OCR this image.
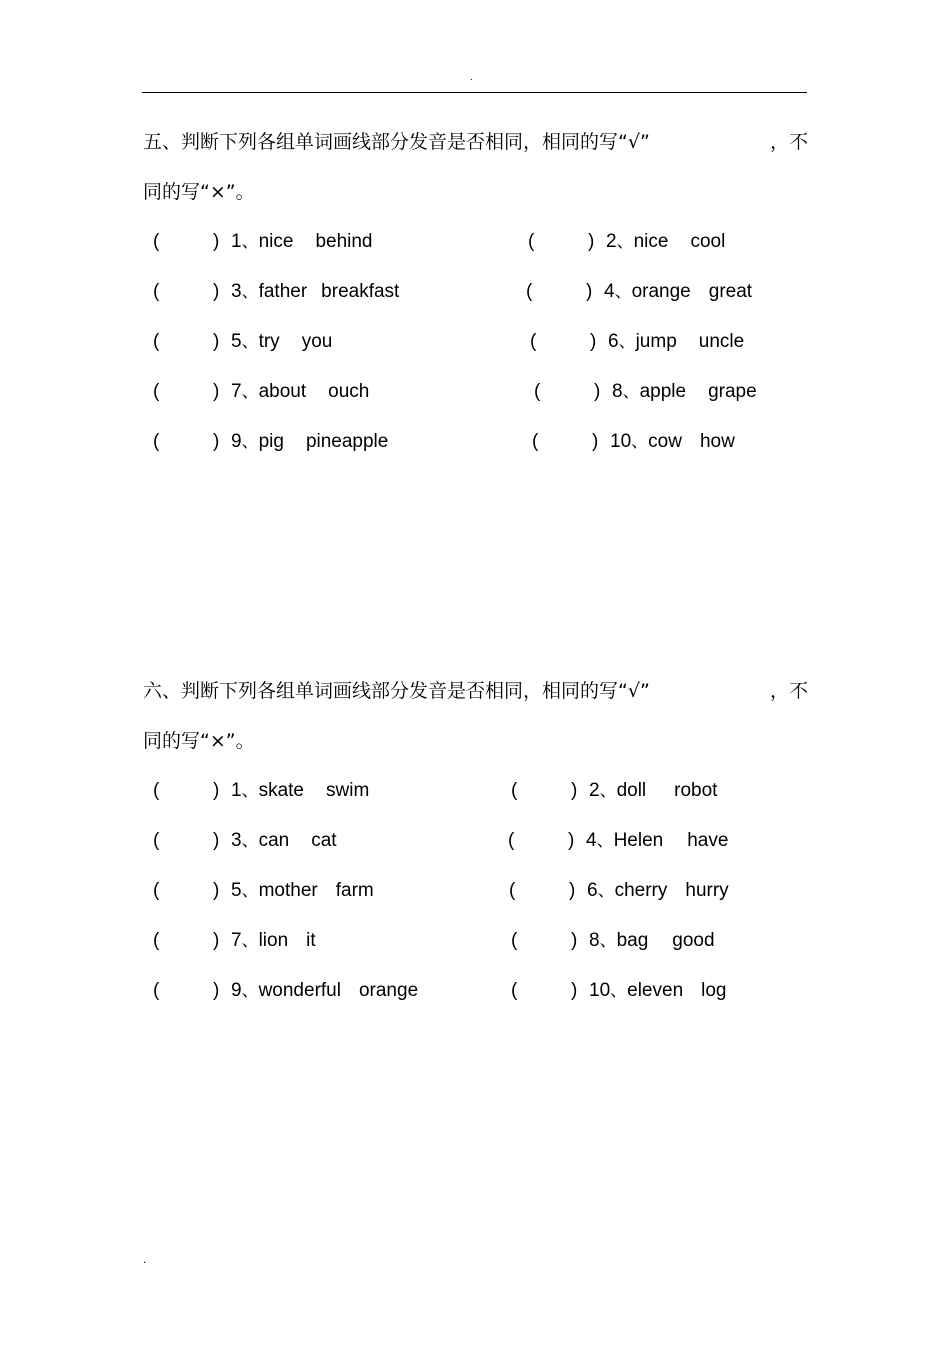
.
五、判断下列各组单词画线部分发音是否相同，相同的写“√”	，不
同的写“×”。
(	) 1、nice behind	(	) 2、nice cool
(	) 3、father breakfast	(	) 4、orange great
(	) 5、try you	(	) 6、jump uncle
(	) 7、about ouch	(	) 8、apple grape
(	) 9、pig pineapple	(	) 10、cow how
六、判断下列各组单词画线部分发音是否相同，相同的写“√”	，不
同的写“×”。
(	) 1、skate swim	(	) 2、doll robot
(	) 3、can cat	(	) 4、Helen have
(	) 5、mother farm	(	) 6、cherry hurry
(	) 7、lion it	(	) 8、bag good
(	) 9、wonderful orange	(	) 10、eleven log
.
